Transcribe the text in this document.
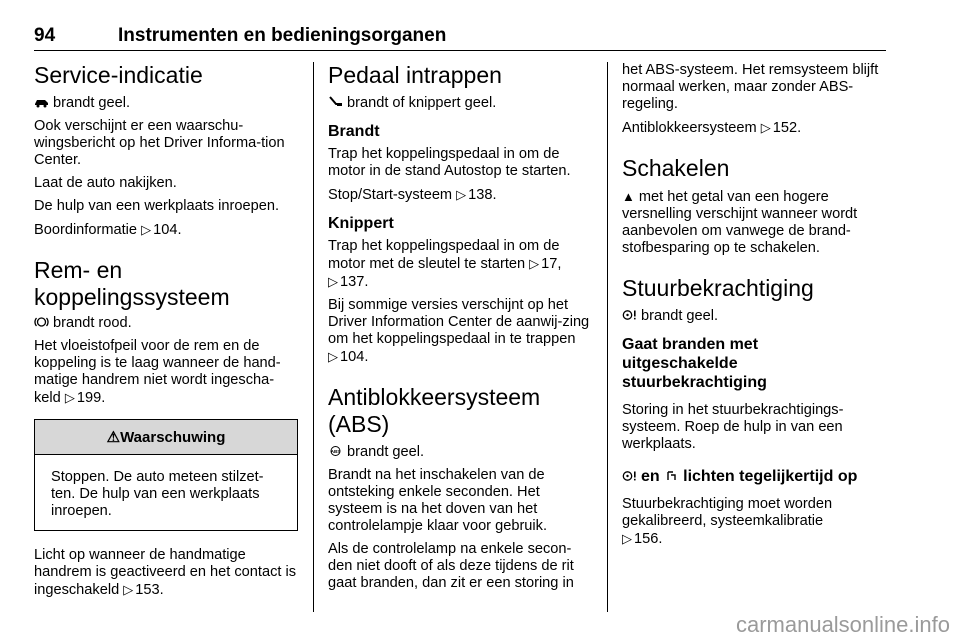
94	Instrumenten en bedieningsorganen
Service-indicatie

brandt geel.

Ook verschijnt er een waarschu-wingsbericht op het Driver Informa-tion Center.

Laat de auto nakijken.

De hulp van een werkplaats inroepen.

Boordinformatie ▷ 104.

Rem- en
koppelingssysteem

brandt rood.

Het vloeistofpeil voor de rem en de koppeling is te laag wanneer de hand-matige handrem niet wordt ingescha-keld ▷ 199.

⚠Waarschuwing
Stoppen. De auto meteen stilzet-ten. De hulp van een werkplaats inroepen.

Licht op wanneer de handmatige handrem is geactiveerd en het contact is ingeschakeld ▷ 153.

Pedaal intrappen

brandt of knippert geel.

Brandt

Trap het koppelingspedaal in om de motor in de stand Autostop te starten.

Stop/Start-systeem ▷ 138.

Knippert

Trap het koppelingspedaal in om de motor met de sleutel te starten ▷ 17, ▷ 137.

Bij sommige versies verschijnt op het Driver Information Center de aanwij-zing om het koppelingspedaal in te trappen ▷ 104.

Antiblokkeersysteem (ABS)

ABS brandt geel.

Brandt na het inschakelen van de ontsteking enkele seconden. Het systeem is na het doven van het controlelampje klaar voor gebruik.

Als de controlelamp na enkele secon-den niet dooft of als deze tijdens de rit gaat branden, dan zit er een storing in

het ABS-systeem. Het remsysteem blijft normaal werken, maar zonder ABS-regeling.

Antiblokkeersysteem ▷ 152.

Schakelen

▲ met het getal van een hogere versnelling verschijnt wanneer wordt aanbevolen om vanwege de brand-stofbesparing op te schakelen.

Stuurbekrachtiging

brandt geel.

Gaat branden met
uitgeschakelde
stuurbekrachtiging

Storing in het stuurbekrachtigings-systeem. Roep de hulp in van een werkplaats.

en lichten tegelijkertijd op

Stuurbekrachtiging moet worden gekalibreerd, systeemkalibratie
▷ 156.

carmanualsonline.info
